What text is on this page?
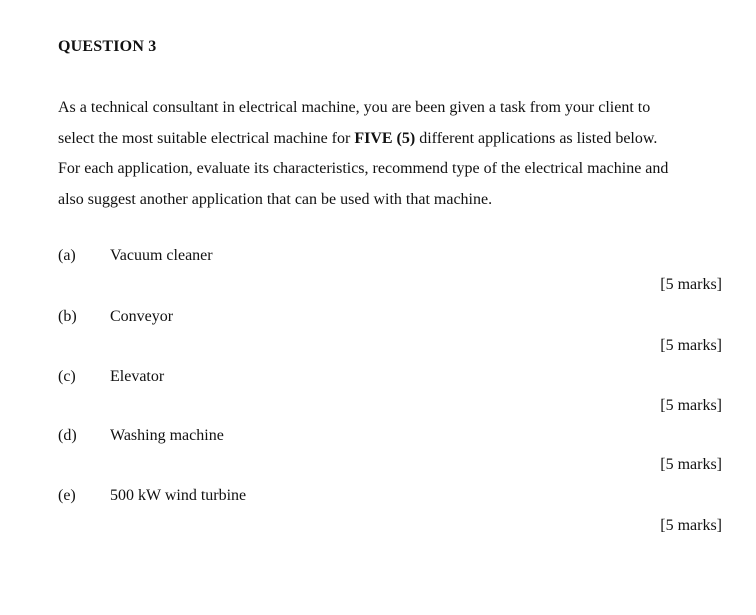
QUESTION 3
As a technical consultant in electrical machine, you are been given a task from your client to
select the most suitable electrical machine for FIVE (5) different applications as listed below.
For each application, evaluate its characteristics, recommend type of the electrical machine and
also suggest another application that can be used with that machine.
(a) Vacuum cleaner
[5 marks]
(b) Conveyor
[5 marks]
(c) Elevator
[5 marks]
(d) Washing machine
[5 marks]
(e) 500 kW wind turbine
[5 marks]
